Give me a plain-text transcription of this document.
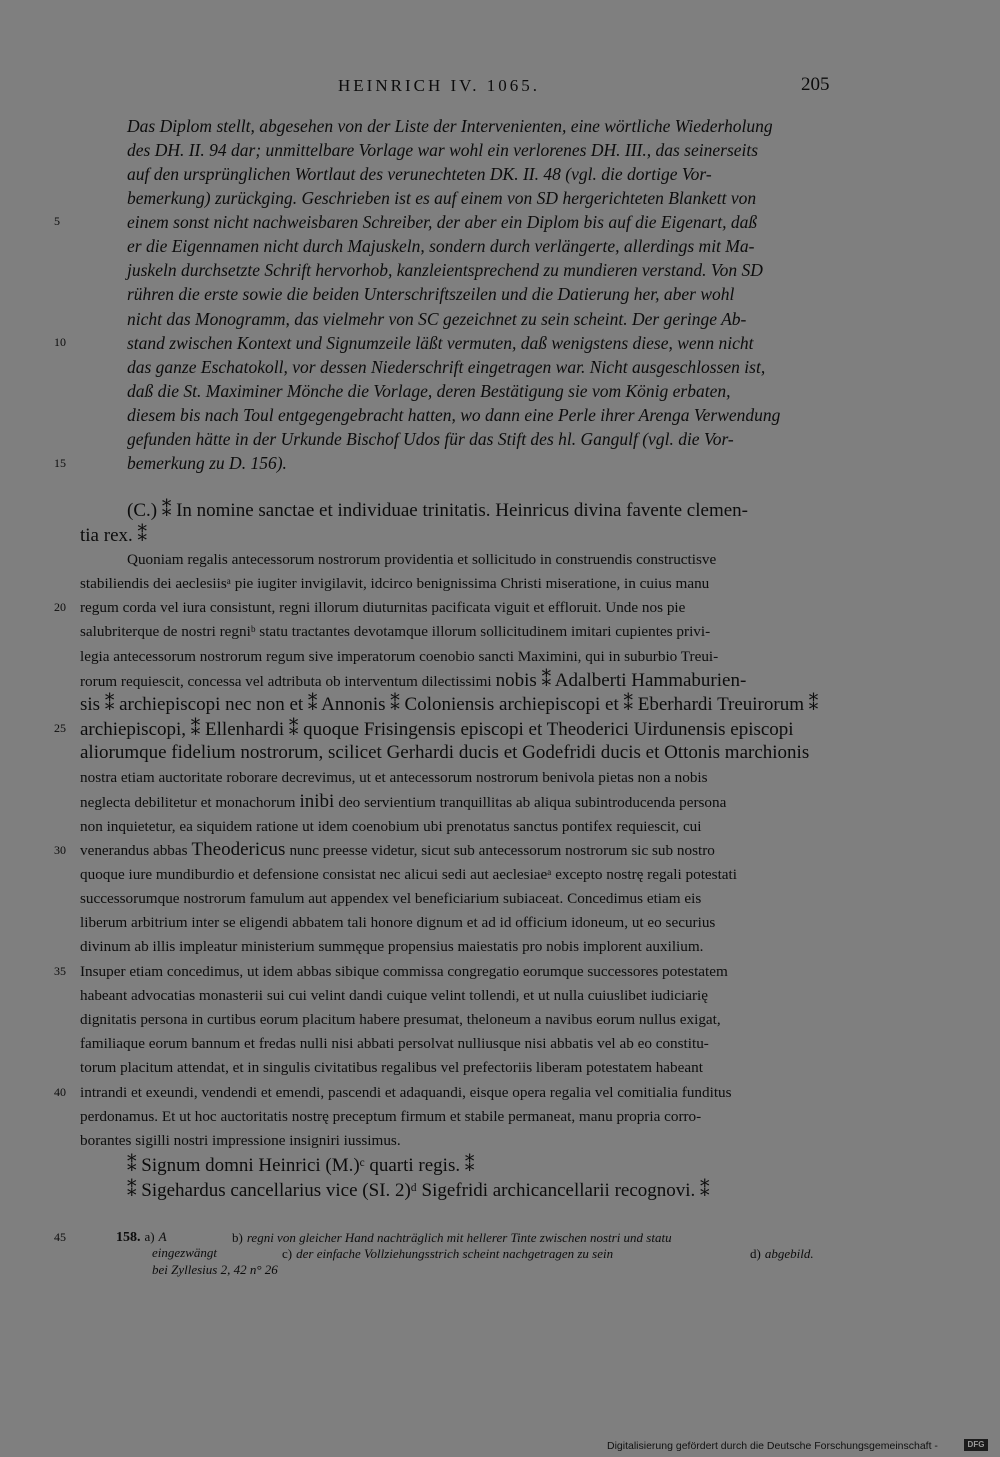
HEINRICH IV. 1065.	205
5
10
15
20
25
30
35
40
45
Das Diplom stellt, abgesehen von der Liste der Intervenienten, eine wörtliche Wiederholung
des DH. II. 94 dar; unmittelbare Vorlage war wohl ein verlorenes DH. III., das seinerseits
auf den ursprünglichen Wortlaut des verunechteten DK. II. 48 (vgl. die dortige Vor-
bemerkung) zurückging. Geschrieben ist es auf einem von SD hergerichteten Blankett von
einem sonst nicht nachweisbaren Schreiber, der aber ein Diplom bis auf die Eigenart, daß
er die Eigennamen nicht durch Majuskeln, sondern durch verlängerte, allerdings mit Ma-
juskeln durchsetzte Schrift hervorhob, kanzleientsprechend zu mundieren verstand. Von SD
rühren die erste sowie die beiden Unterschriftszeilen und die Datierung her, aber wohl
nicht das Monogramm, das vielmehr von SC gezeichnet zu sein scheint. Der geringe Ab-
stand zwischen Kontext und Signumzeile läßt vermuten, daß wenigstens diese, wenn nicht
das ganze Eschatokoll, vor dessen Niederschrift eingetragen war. Nicht ausgeschlossen ist,
daß die St. Maximiner Mönche die Vorlage, deren Bestätigung sie vom König erbaten,
diesem bis nach Toul entgegengebracht hatten, wo dann eine Perle ihrer Arenga Verwendung
gefunden hätte in der Urkunde Bischof Udos für das Stift des hl. Gangulf (vgl. die Vor-
bemerkung zu D. 156).
(C.) ⁑ In nomine sanctae et individuae trinitatis. Heinricus divina favente clemen-
tia rex. ⁑
Quoniam regalis antecessorum nostrorum providentia et sollicitudo in construendis constructisve
stabiliendis dei aeclesiisᵃ pie iugiter invigilavit, idcirco benignissima Christi miseratione, in cuius manu
regum corda vel iura consistunt, regni illorum diuturnitas pacificata viguit et effloruit. Unde nos pie
salubriterque de nostri regniᵇ statu tractantes devotamque illorum sollicitudinem imitari cupientes privi-
legia antecessorum nostrorum regum sive imperatorum coenobio sancti Maximini, qui in suburbio Treui-
rorum requiescit, concessa vel adtributa ob interventum dilectissimi nobis ⁑ Adalberti Hammaburien-
sis ⁑ archiepiscopi nec non et ⁑ Annonis ⁑ Coloniensis archiepiscopi et ⁑ Eberhardi Treuirorum ⁑
archiepiscopi, ⁑ Ellenhardi ⁑ quoque Frisingensis episcopi et Theoderici Uirdunensis episcopi
aliorumque fidelium nostrorum, scilicet Gerhardi ducis et Godefridi ducis et Ottonis marchionis
nostra etiam auctoritate roborare decrevimus, ut et antecessorum nostrorum benivola pietas non a nobis
neglecta debilitetur et monachorum inibi deo servientium tranquillitas ab aliqua subintroducenda persona
non inquietetur, ea siquidem ratione ut idem coenobium ubi prenotatus sanctus pontifex requiescit, cui
venerandus abbas Theodericus nunc preesse videtur, sicut sub antecessorum nostrorum sic sub nostro
quoque iure mundiburdio et defensione consistat nec alicui sedi aut aeclesiaeᵃ excepto nostrę regali potestati
successorumque nostrorum famulum aut appendex vel beneficiarium subiaceat. Concedimus etiam eis
liberum arbitrium inter se eligendi abbatem tali honore dignum et ad id officium idoneum, ut eo securius
divinum ab illis impleatur ministerium summęque propensius maiestatis pro nobis implorent auxilium.
Insuper etiam concedimus, ut idem abbas sibique commissa congregatio eorumque successores potestatem
habeant advocatias monasterii sui cui velint dandi cuique velint tollendi, et ut nulla cuiuslibet iudiciarię
dignitatis persona in curtibus eorum placitum habere presumat, theloneum a navibus eorum nullus exigat,
familiaque eorum bannum et fredas nulli nisi abbati persolvat nulliusque nisi abbatis vel ab eo constitu-
torum placitum attendat, et in singulis civitatibus regalibus vel prefectoriis liberam potestatem habeant
intrandi et exeundi, vendendi et emendi, pascendi et adaquandi, eisque opera regalia vel comitialia funditus
perdonamus. Et ut hoc auctoritatis nostrę preceptum firmum et stabile permaneat, manu propria corro-
borantes sigilli nostri impressione insigniri iussimus.
⁑ Signum domni Heinrici (M.)ᶜ quarti regis. ⁑
⁑ Sigehardus cancellarius vice (SI. 2)ᵈ Sigefridi archicancellarii recognovi. ⁑
158. a) A	b) regni von gleicher Hand nachträglich mit hellerer Tinte zwischen nostri und statu
eingezwängt	c) der einfache Vollziehungsstrich scheint nachgetragen zu sein	d) abgebild.
bei Zyllesius 2, 42 n° 26
Digitalisierung gefördert durch die Deutsche Forschungsgemeinschaft -	DFG
